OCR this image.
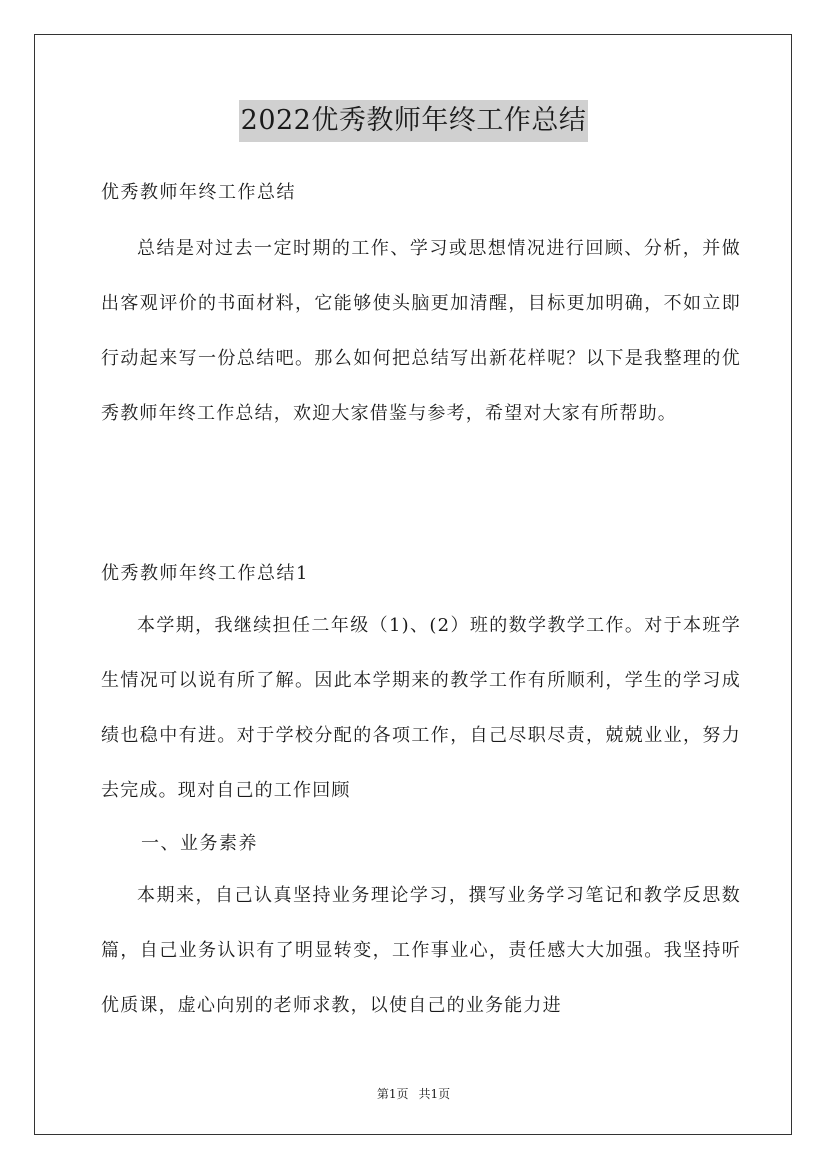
2022优秀教师年终工作总结
优秀教师年终工作总结
总结是对过去一定时期的工作、学习或思想情况进行回顾、分析，并做出客观评价的书面材料，它能够使头脑更加清醒，目标更加明确，不如立即行动起来写一份总结吧。那么如何把总结写出新花样呢？以下是我整理的优秀教师年终工作总结，欢迎大家借鉴与参考，希望对大家有所帮助。
优秀教师年终工作总结1
本学期，我继续担任二年级（1)、(2）班的数学教学工作。对于本班学生情况可以说有所了解。因此本学期来的教学工作有所顺利，学生的学习成绩也稳中有进。对于学校分配的各项工作，自己尽职尽责，兢兢业业，努力去完成。现对自己的工作回顾
一、业务素养
本期来，自己认真坚持业务理论学习，撰写业务学习笔记和教学反思数篇，自己业务认识有了明显转变，工作事业心，责任感大大加强。我坚持听优质课，虚心向别的老师求教，以使自己的业务能力进
第1页 共1页
